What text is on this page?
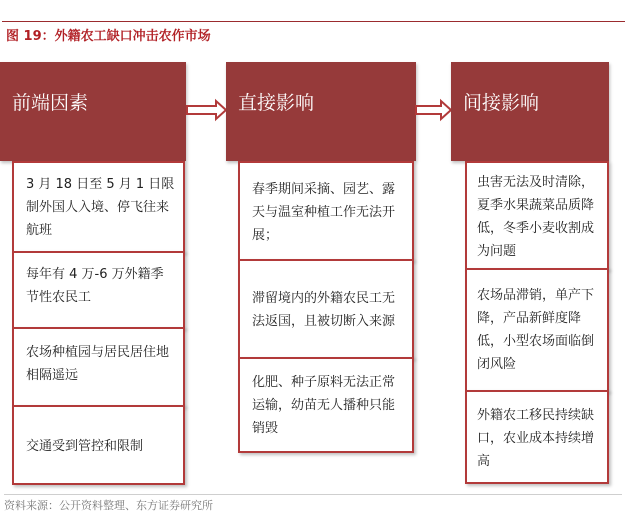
图 19：外籍农工缺口冲击农作市场
前端因素
3 月 18 日至 5 月 1 日限制外国人入境、停飞往来航班
每年有 4 万-6 万外籍季节性农民工
农场种植园与居民居住地相隔遥远
交通受到管控和限制
直接影响
春季期间采摘、园艺、露天与温室种植工作无法开展；
滞留境内的外籍农民工无法返国，且被切断入来源
化肥、种子原料无法正常运输，幼苗无人播种只能销毁
间接影响
虫害无法及时清除，夏季水果蔬菜品质降低，冬季小麦收割成为问题
农场品滞销，单产下降，产品新鲜度降低，小型农场面临倒闭风险
外籍农工移民持续缺口，农业成本持续增高
资料来源：公开资料整理、东方证券研究所
